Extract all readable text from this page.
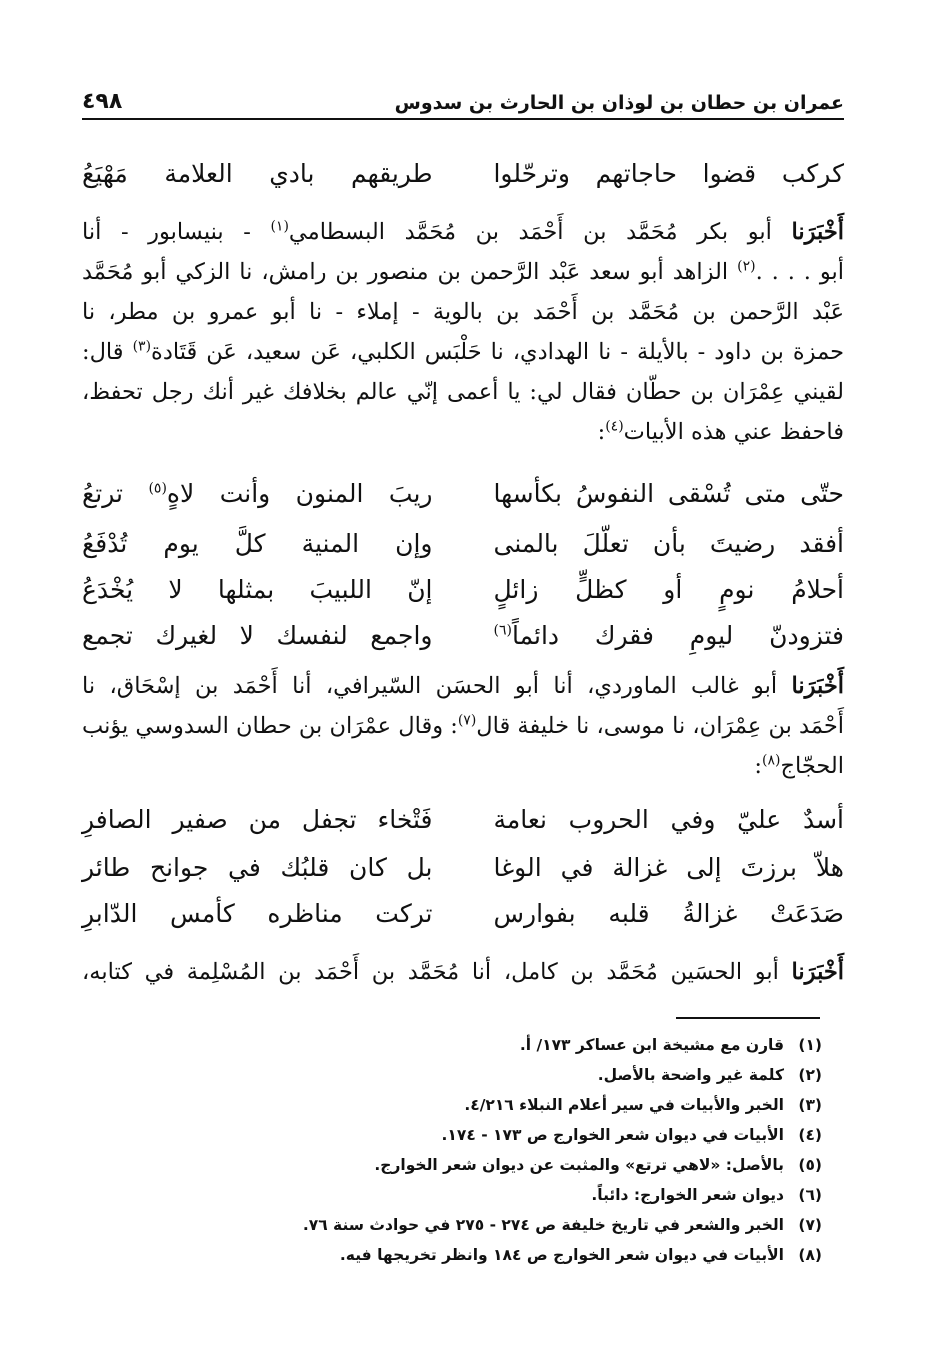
عمران بن حطان بن لوذان بن الحارث بن سدوس
٤٩٨
كركب قضوا حاجاتهم وترحّلوا
طريقهم بادي العلامة مَهْيَعُ
أَخْبَرَنا أبو بكر مُحَمَّد بن أَحْمَد بن مُحَمَّد البسطامي$^{(١)}$ - بنيسابور - أنا
أبو . . . .$^{(٢)}$ الزاهد أبو سعد عَبْد الرَّحمن بن منصور بن رامش، نا الزكي أبو مُحَمَّد
عَبْد الرَّحمن بن مُحَمَّد بن أَحْمَد بن بالوية - إملاء - نا أبو عمرو بن مطر، نا
حمزة بن داود - بالأيلة - نا الهدادي، نا حَلْبَس الكلبي، عَن سعيد، عَن قَتَادة$^{(٣)}$ قال:
لقيني عِمْرَان بن حطّان فقال لي: يا أعمى إنّي عالم بخلافك غير أنك رجل تحفظ،
فاحفظ عني هذه الأبيات$^{(٤)}$:
حتّى متى تُسْقى النفوسُ بكأسها
ريبَ المنون وأنت لاهٍ$^{(٥)}$ ترتعُ
أفقد رضيتَ بأن تعلّلَ بالمنى
وإن المنية كلَّ يوم تُدْفَعُ
أحلامُ نومٍ أو كظلٍّ زائلٍ
إنّ اللبيبَ بمثلها لا يُخْدَعُ
فتزودنّ ليومِ فقرك دائماً$^{(٦)}$
واجمع لنفسك لا لغيرك تجمع
أَخْبَرَنا أبو غالب الماوردي، أنا أبو الحسَن السّيرافي، أنا أَحْمَد بن إسْحَاق، نا
أَحْمَد بن عِمْرَان، نا موسى، نا خليفة قال$^{(٧)}$: وقال عمْرَان بن حطان السدوسي يؤنب
الحجّاج$^{(٨)}$:
أسدٌ عليّ وفي الحروب نعامة
فَتْخاء تجفل من صفير الصافرِ
هلاّ برزتَ إلى غزالة في الوغا
بل كان قلبُك في جوانح طائر
صَدَعَتْ غزالةُ قلبه بفوارس
تركت مناظره كأمس الدّابرِ
أَخْبَرَنا أبو الحسَين مُحَمَّد بن كامل، أنا مُحَمَّد بن أَحْمَد بن المُسْلِمة في كتابه،
(١)قارن مع مشيخة ابن عساكر ١٧٣/ أ.
(٢)كلمة غير واضحة بالأصل.
(٣)الخبر والأبيات في سير أعلام النبلاء ٤/٢١٦.
(٤)الأبيات في ديوان شعر الخوارج ص ١٧٣ - ١٧٤.
(٥)بالأصل: «لاهي ترتع» والمثبت عن ديوان شعر الخوارج.
(٦)ديوان شعر الخوارج: دائباً.
(٧)الخبر والشعر في تاريخ خليفة ص ٢٧٤ - ٢٧٥ في حوادث سنة ٧٦.
(٨)الأبيات في ديوان شعر الخوارج ص ١٨٤ وانظر تخريجها فيه.
